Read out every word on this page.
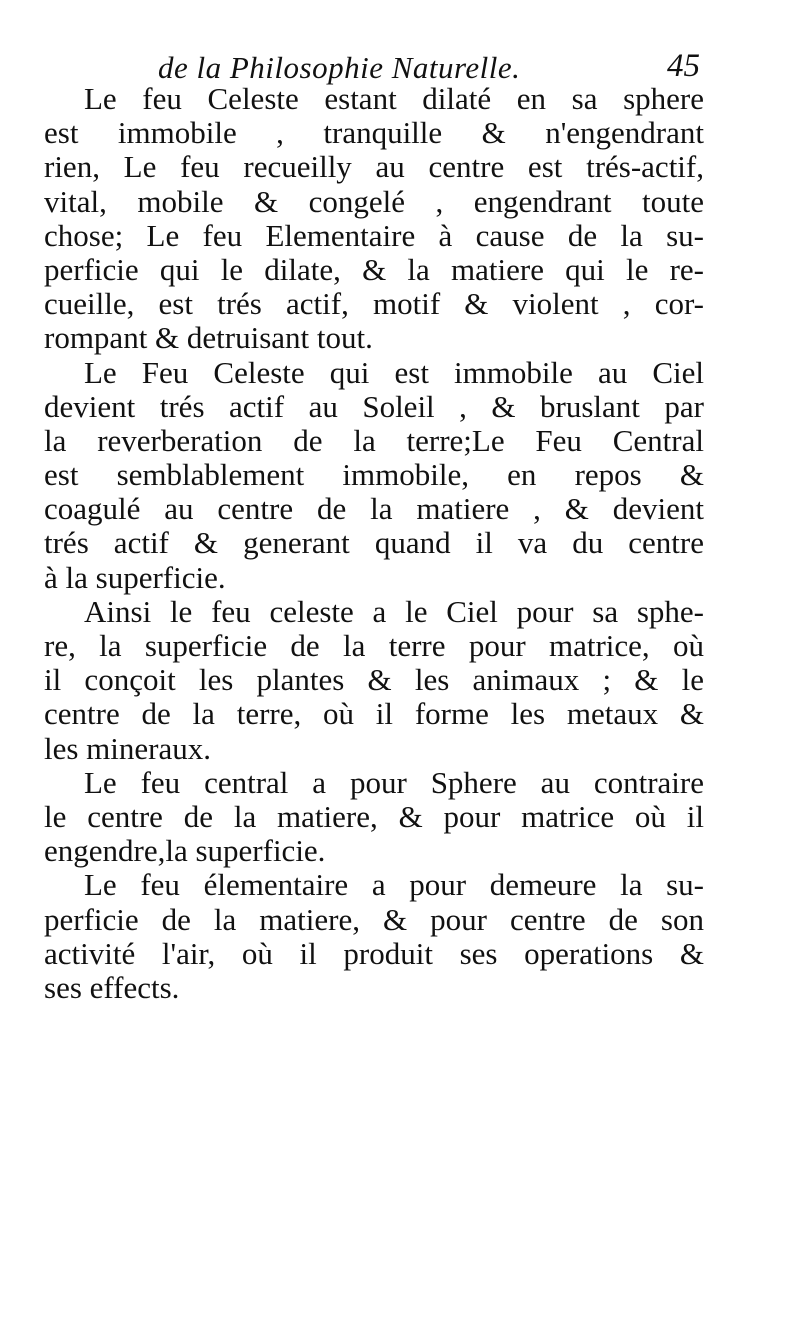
de la Philosophie Naturelle.	45
Le feu Celeste estant dilaté en sa sphere
est immobile , tranquille & n'engendrant
rien, Le feu recueilly au centre est trés-actif,
vital, mobile & congelé , engendrant toute
chose; Le feu Elementaire à cause de la su-
perficie qui le dilate, & la matiere qui le re-
cueille, est trés actif, motif & violent , cor-
rompant & detruisant tout.
Le Feu Celeste qui est immobile au Ciel
devient trés actif au Soleil , & bruslant par
la reverberation de la terre;Le Feu Central
est semblablement immobile, en repos &
coagulé au centre de la matiere , & devient
trés actif & generant quand il va du centre
à la superficie.
Ainsi le feu celeste a le Ciel pour sa sphe-
re, la superficie de la terre pour matrice, où
il conçoit les plantes & les animaux ; & le
centre de la terre, où il forme les metaux &
les mineraux.
Le feu central a pour Sphere au contraire
le centre de la matiere, & pour matrice où il
engendre,la superficie.
Le feu élementaire a pour demeure la su-
perficie de la matiere, & pour centre de son
activité l'air, où il produit ses operations &
ses effects.
